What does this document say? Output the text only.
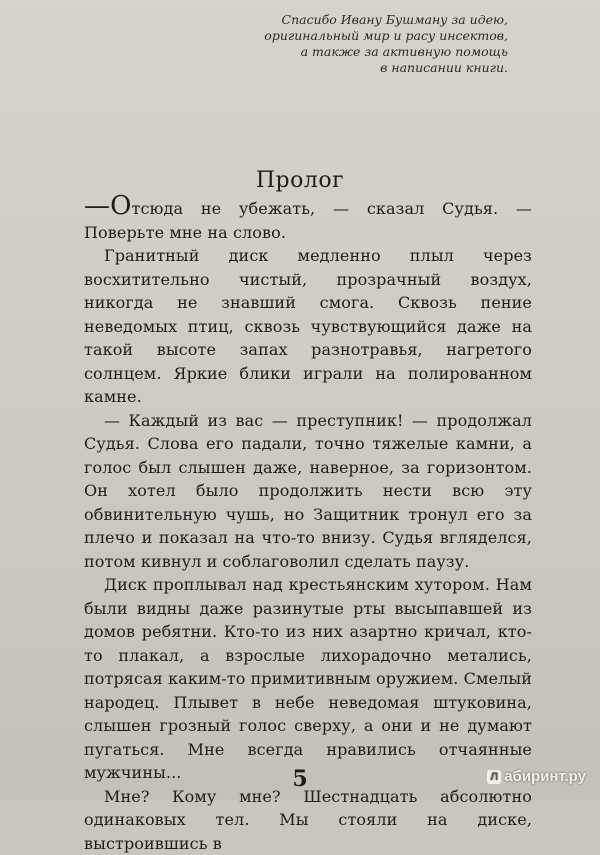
Спасибо Ивану Бушману за идею,
оригинальный мир и расу инсектов,
а также за активную помощь
в написании книги.
Пролог

—Отсюда не убежать, — сказал Судья. — Поверьте мне на слово.

Гранитный диск медленно плыл через восхитительно чистый, прозрачный воздух, никогда не знавший смога. Сквозь пение неведомых птиц, сквозь чувствующийся даже на такой высоте запах разнотравья, нагретого солнцем. Яркие блики играли на полированном камне.

— Каждый из вас — преступник! — продолжал Судья. Слова его падали, точно тяжелые камни, а голос был слышен даже, наверное, за горизонтом. Он хотел было продолжить нести всю эту обвинительную чушь, но Защитник тронул его за плечо и показал на что-то внизу. Судья вгляделся, потом кивнул и соблаговолил сделать паузу.

Диск проплывал над крестьянским хутором. Нам были видны даже разинутые рты высыпавшей из домов ребятни. Кто-то из них азартно кричал, кто-то плакал, а взрослые лихорадочно метались, потрясая каким-то примитивным оружием. Смелый народец. Плывет в небе неведомая штуковина, слышен грозный голос сверху, а они и не думают пугаться. Мне всегда нравились отчаянные мужчины...

Мне? Кому мне? Шестнадцать абсолютно одинаковых тел. Мы стояли на диске, выстроившись в

5	Л абиринт.ру
